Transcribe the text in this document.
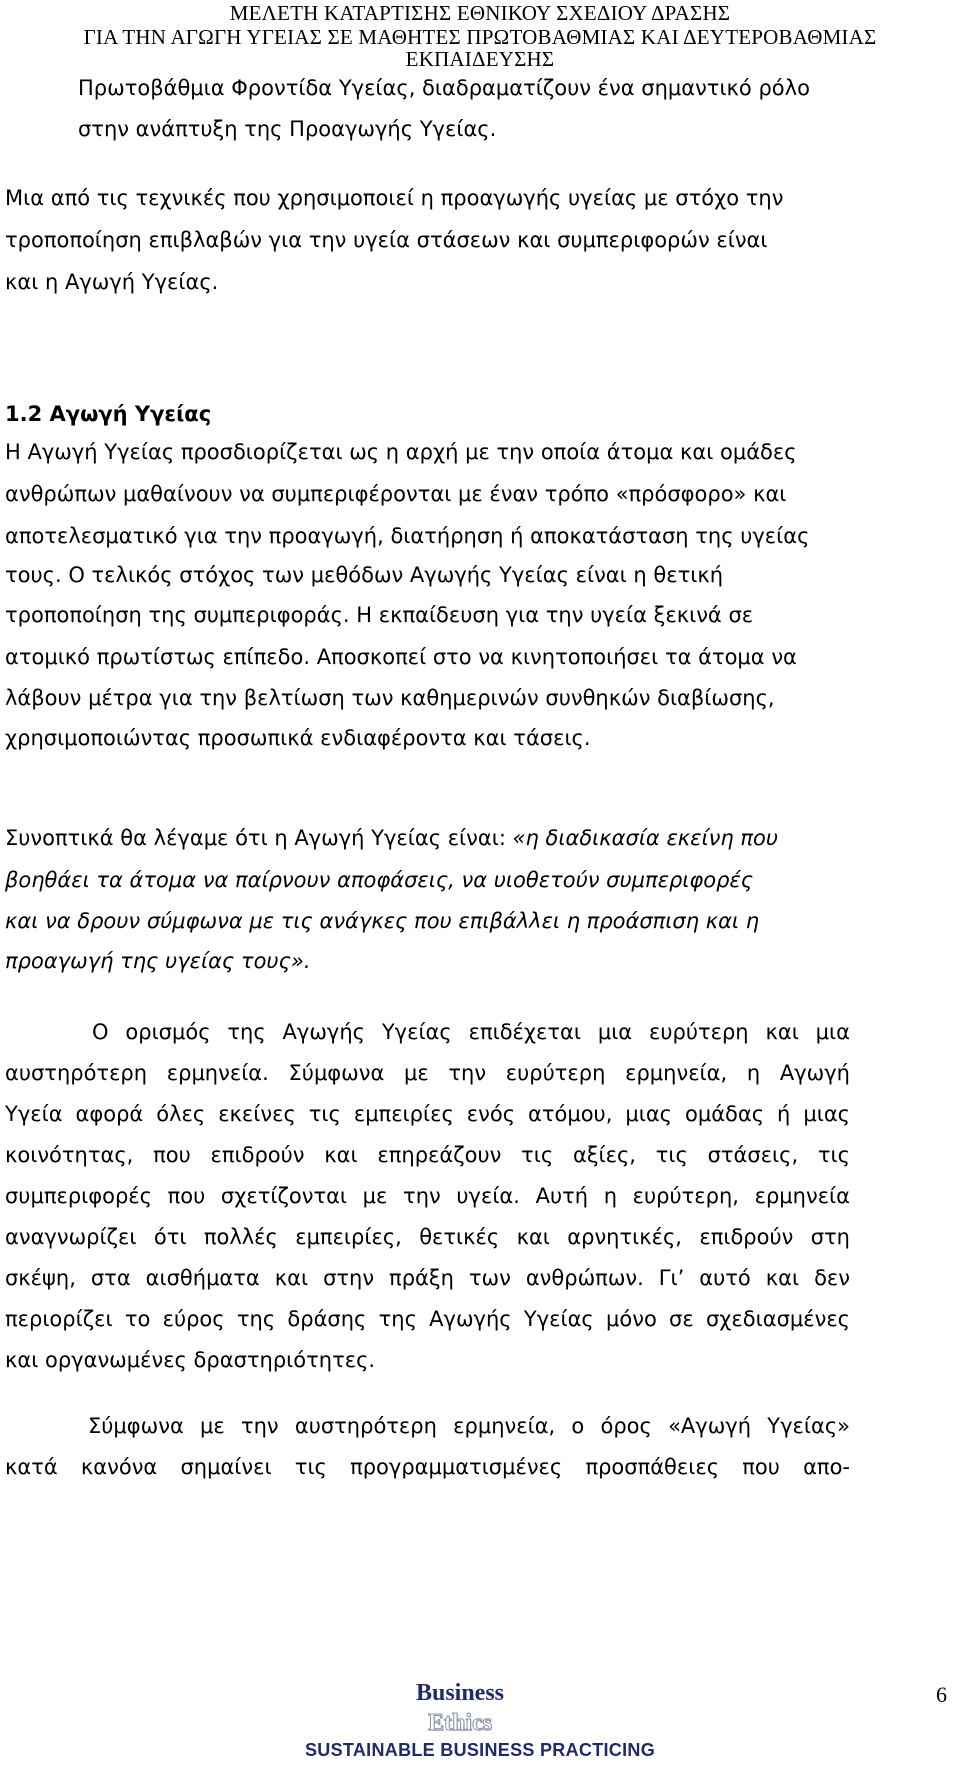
ΜΕΛΕΤΗ ΚΑΤΑΡΤΙΣΗΣ ΕΘΝΙΚΟΥ ΣΧΕΔΙΟΥ ΔΡΑΣΗΣ
ΓΙΑ ΤΗΝ ΑΓΩΓΗ ΥΓΕΙΑΣ ΣΕ ΜΑΘΗΤΕΣ ΠΡΩΤΟΒΑΘΜΙΑΣ ΚΑΙ ΔΕΥΤΕΡΟΒΑΘΜΙΑΣ
ΕΚΠΑΙΔΕΥΣΗΣ
Πρωτοβάθμια Φροντίδα Υγείας, διαδραματίζουν ένα σημαντικό ρόλο
στην ανάπτυξη της Προαγωγής Υγείας.
Μια από τις τεχνικές που χρησιμοποιεί η προαγωγής υγείας με στόχο την
τροποποίηση επιβλαβών για την υγεία στάσεων και συμπεριφορών είναι
και η Αγωγή Υγείας.
1.2 Αγωγή Υγείας
Η Αγωγή Υγείας προσδιορίζεται ως η αρχή με την οποία άτομα και ομάδες
ανθρώπων μαθαίνουν να συμπεριφέρονται με έναν τρόπο «πρόσφορο» και
αποτελεσματικό για την προαγωγή, διατήρηση ή αποκατάσταση της υγείας
τους. Ο τελικός στόχος των μεθόδων Αγωγής Υγείας είναι η θετική
τροποποίηση της συμπεριφοράς. Η εκπαίδευση για την υγεία ξεκινά σε
ατομικό πρωτίστως επίπεδο. Αποσκοπεί στο να κινητοποιήσει τα άτομα να
λάβουν μέτρα για την βελτίωση των καθημερινών συνθηκών διαβίωσης,
χρησιμοποιώντας προσωπικά ενδιαφέροντα και τάσεις.
Συνοπτικά θα λέγαμε ότι η Αγωγή Υγείας είναι: «η διαδικασία εκείνη που
βοηθάει τα άτομα να παίρνουν αποφάσεις, να υιοθετούν συμπεριφορές
και να δρουν σύμφωνα με τις ανάγκες που επιβάλλει η προάσπιση και η
προαγωγή της υγείας τους».
Ο ορισμός της Αγωγής Υγείας επιδέχεται μια ευρύτερη και μια
αυστηρότερη ερμηνεία. Σύμφωνα με την ευρύτερη ερμηνεία, η Αγωγή
Υγεία αφορά όλες εκείνες τις εμπειρίες ενός ατόμου, μιας ομάδας ή μιας
κοινότητας, που επιδρούν και επηρεάζουν τις αξίες, τις στάσεις, τις
συμπεριφορές που σχετίζονται με την υγεία. Αυτή η ευρύτερη, ερμηνεία
αναγνωρίζει ότι πολλές εμπειρίες, θετικές και αρνητικές, επιδρούν στη
σκέψη, στα αισθήματα και στην πράξη των ανθρώπων. Γι’ αυτό και δεν
περιορίζει το εύρος της δράσης της Αγωγής Υγείας μόνο σε σχεδιασμένες
και οργανωμένες δραστηριότητες.
Σύμφωνα με την αυστηρότερη ερμηνεία, ο όρος «Αγωγή Υγείας»
κατά κανόνα σημαίνει τις προγραμματισμένες προσπάθειες που απο-
Business
Ethics
SUSTAINABLE BUSINESS PRACTICING
6
